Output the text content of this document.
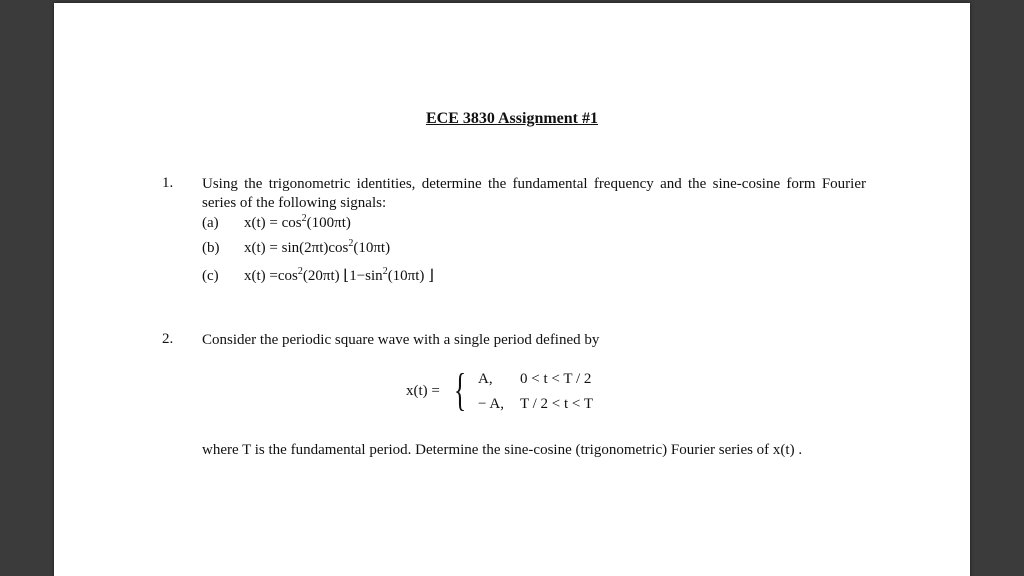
ECE 3830 Assignment #1
1. Using the trigonometric identities, determine the fundamental frequency and the sine-cosine form Fourier series of the following signals:
(a) $x(t) = \cos^2(100\pi t)$
(b) $x(t) = \sin(2\pi t)\cos^2(10\pi t)$
(c) $x(t) =\cos^2(20\pi t)$ $⌊1-\sin^2(10\pi t)$ ⌋
2. Consider the periodic square wave with a single period defined by
x(t) = { A, 0 < t < T / 2
− A, T / 2 < t < T
where T is the fundamental period. Determine the sine-cosine (trigonometric) Fourier series of x(t) .
